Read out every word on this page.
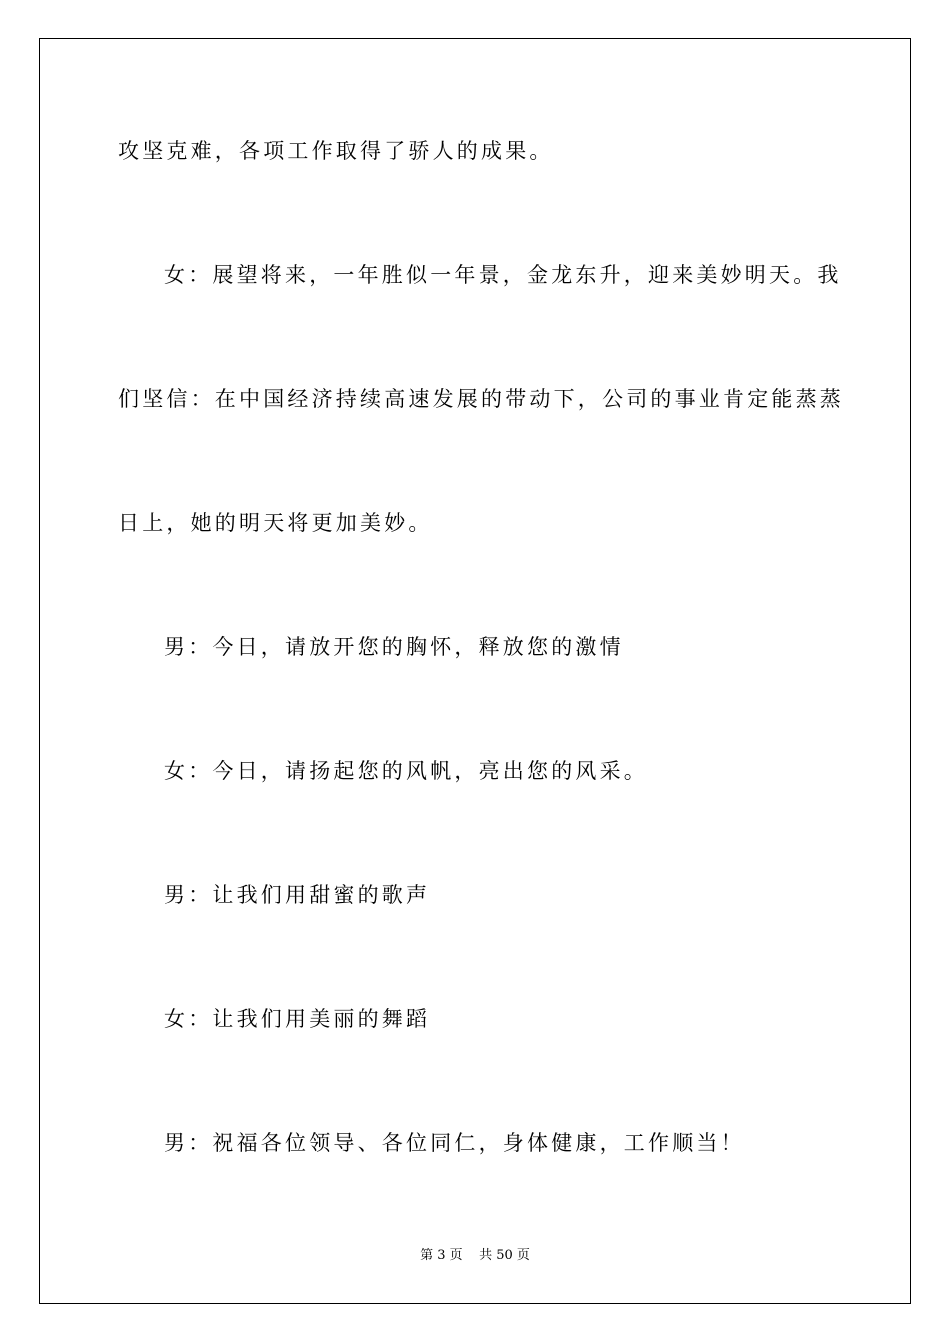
攻坚克难，各项工作取得了骄人的成果。
女：展望将来，一年胜似一年景，金龙东升，迎来美妙明天。我
们坚信：在中国经济持续高速发展的带动下，公司的事业肯定能蒸蒸
日上，她的明天将更加美妙。
男：今日，请放开您的胸怀，释放您的激情
女：今日，请扬起您的风帆，亮出您的风采。
男：让我们用甜蜜的歌声
女：让我们用美丽的舞蹈
男：祝福各位领导、各位同仁，身体健康，工作顺当！
第 3 页    共 50 页
